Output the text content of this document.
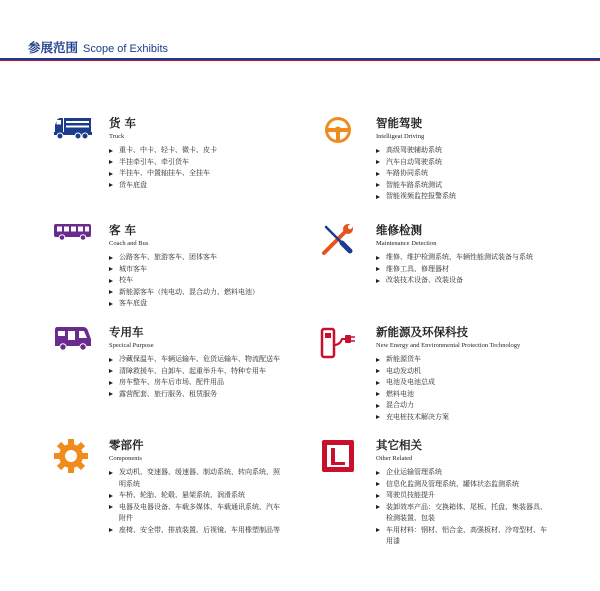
参展范围 Scope of Exhibits
货 车
Truck
重卡、中卡、轻卡、微卡、皮卡
半挂牵引车、牵引货车
半挂车、中置轴挂车、全挂车
货车底盘
智能驾驶
Intelligeat Driving
高级驾驶辅助系统
汽车自动驾驶系统
车路协同系统
智能车路系统测试
智能视频监控报警系统
客 车
Coach and Bus
公路客车、旅游客车、团体客车
城市客车
校车
新能源客车（纯电动、混合动力、燃料电池）
客车底盘
维修检测
Maintenance Detection
维修、维护检测系统、车辆性能测试装备与系统
维修工具、修理器材
改装技术设备、改装设备
专用车
Specical Purpose
冷藏保温车、车辆运输车、危货运输车、物流配送车
清障救援车、自卸车、起重举升车、特种专用车
房车整车、房车后市场、配件用品
露营配套、旅行服务、租赁服务
新能源及环保科技
New Energy and Environmental Protection Technology
新能源货车
电动发动机
电池及电池总成
燃料电池
混合动力
充电桩技术解决方案
零部件
Components
发动机、变速器、缓速器、制动系统、转向系统、照明系统
车桥、轮胎、轮毂、悬架系统、润滑系统
电器及电器设备、车载多媒体、车载通讯系统、汽车附件
座椅、安全带、排放装置、后视镜、车用橡塑制品等
其它相关
Other Related
企业运输管理系统
信息化监测及管理系统、罐体状态监测系统
驾驶员技能提升
装卸效率产品：交换箱体、尾板、托盘、集装器具、检测装置、包装
车用材料：钢材、铝合金、高强板材、冷弯型材、车用漆
